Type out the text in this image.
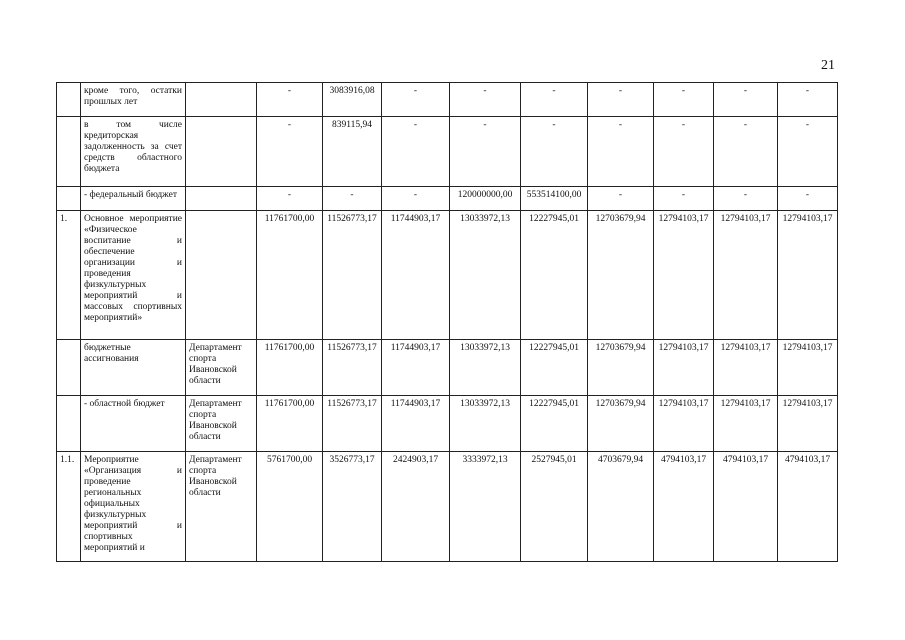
21
	кроме того, остатки прошлых лет		-	3083916,08	-	-	-	-	-	-	-
	в том числе кредиторская задолженность за счет средств областного бюджета		-	839115,94	-	-	-	-	-	-	-
	- федеральный бюджет		-	-	-	120000000,00	553514100,00	-	-	-	-
1.	Основное мероприятие «Физическое воспитание и обеспечение организации и проведения физкультурных мероприятий и массовых спортивных мероприятий»		11761700,00	11526773,17	11744903,17	13033972,13	12227945,01	12703679,94	12794103,17	12794103,17	12794103,17
	бюджетные ассигнования	Департамент спорта Ивановской области	11761700,00	11526773,17	11744903,17	13033972,13	12227945,01	12703679,94	12794103,17	12794103,17	12794103,17
	- областной бюджет	Департамент спорта Ивановской области	11761700,00	11526773,17	11744903,17	13033972,13	12227945,01	12703679,94	12794103,17	12794103,17	12794103,17
1.1.	Мероприятие «Организация и проведение региональных официальных физкультурных мероприятий и спортивных мероприятий и	Департамент спорта Ивановской области	5761700,00	3526773,17	2424903,17	3333972,13	2527945,01	4703679,94	4794103,17	4794103,17	4794103,17
